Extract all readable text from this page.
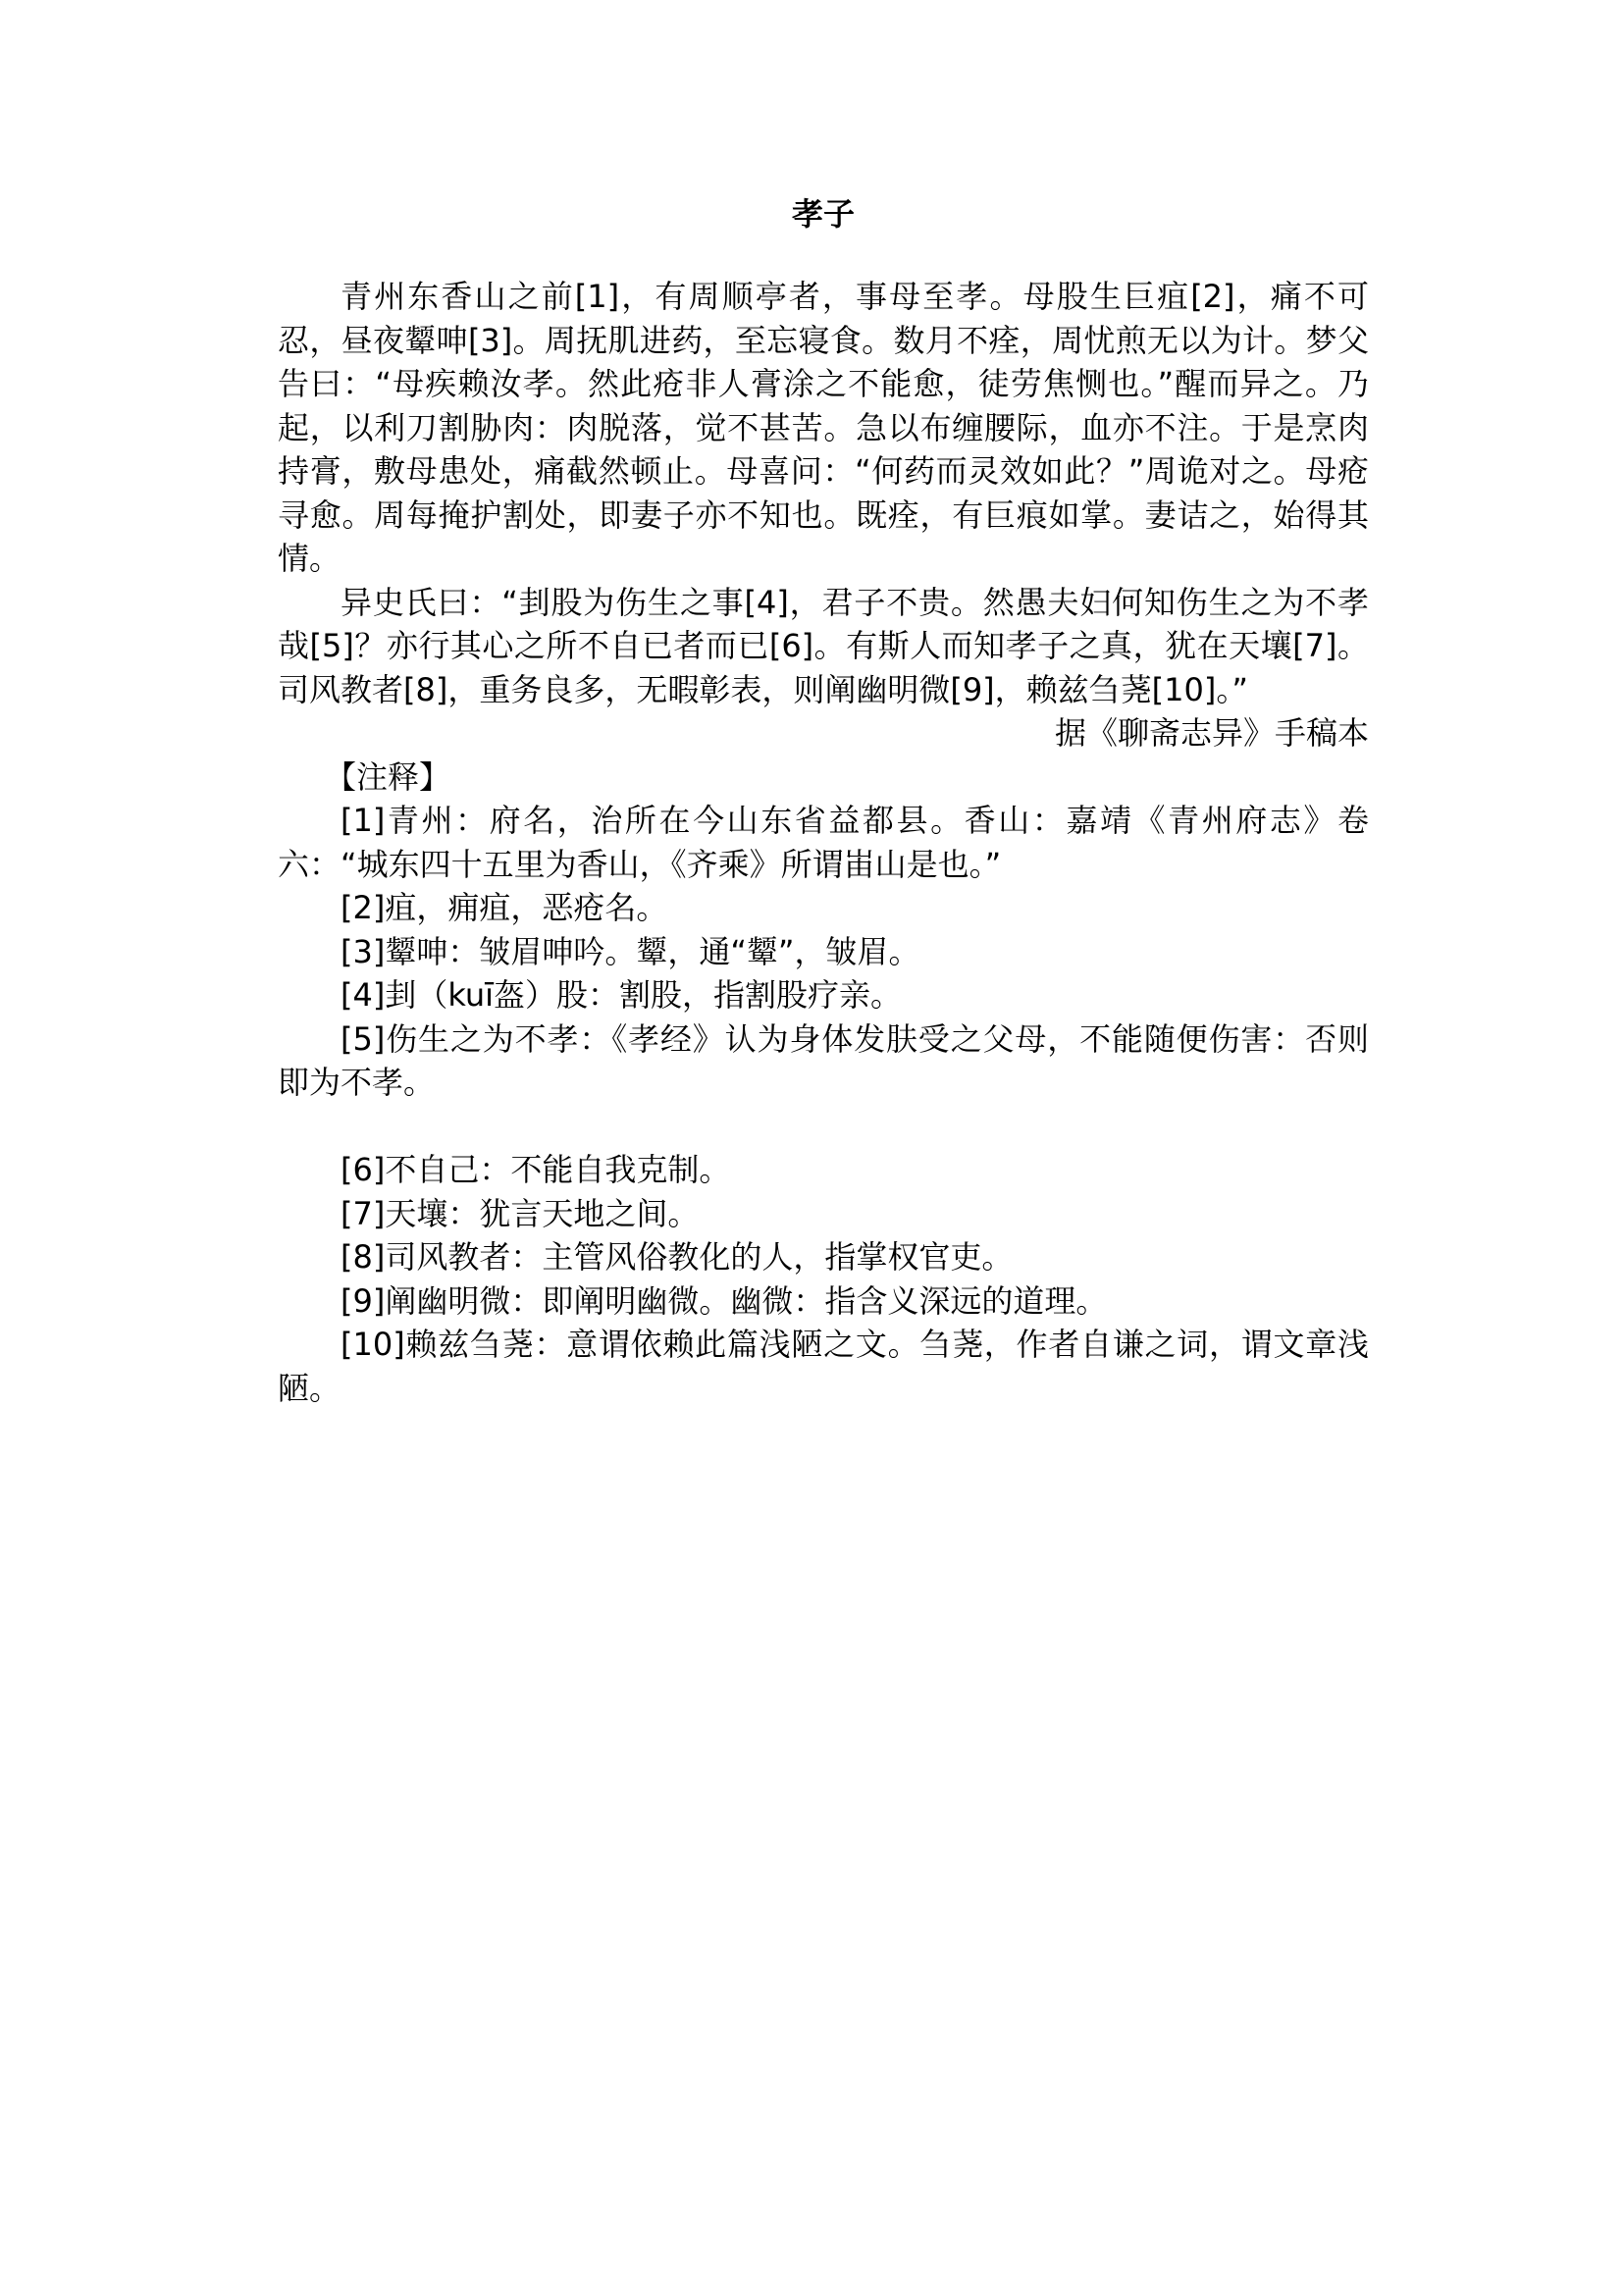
孝子

青州东香山之前[1]，有周顺亭者，事母至孝。母股生巨疽[2]，痛不可忍，昼夜颦呻[3]。周抚肌进药，至忘寝食。数月不痊，周忧煎无以为计。梦父告曰：“母疾赖汝孝。然此疮非人膏涂之不能愈，徒劳焦恻也。”醒而异之。乃起，以利刀割胁肉：肉脱落，觉不甚苦。急以布缠腰际，血亦不注。于是烹肉持膏，敷母患处，痛截然顿止。母喜问：“何药而灵效如此？”周诡对之。母疮寻愈。周每掩护割处，即妻子亦不知也。既痊，有巨痕如掌。妻诘之，始得其情。

异史氏曰：“刲股为伤生之事[4]，君子不贵。然愚夫妇何知伤生之为不孝哉[5]？亦行其心之所不自已者而已[6]。有斯人而知孝子之真，犹在天壤[7]。司风教者[8]，重务良多，无暇彰表，则阐幽明微[9]，赖兹刍荛[10]。”

据《聊斋志异》手稿本

【注释】

[1]青州：府名，治所在今山东省益都县。香山：嘉靖《青州府志》卷六：“城东四十五里为香山，《齐乘》所谓峀山是也。”

[2]疽，痈疽，恶疮名。

[3]颦呻：皱眉呻吟。颦，通“颦”，皱眉。

[4]刲（kuī盔）股：割股，指割股疗亲。

[5]伤生之为不孝：《孝经》认为身体发肤受之父母，不能随便伤害：否则即为不孝。

[6]不自己：不能自我克制。

[7]天壤：犹言天地之间。

[8]司风教者：主管风俗教化的人，指掌权官吏。

[9]阐幽明微：即阐明幽微。幽微：指含义深远的道理。

[10]赖兹刍荛：意谓依赖此篇浅陋之文。刍荛，作者自谦之词，谓文章浅陋。
